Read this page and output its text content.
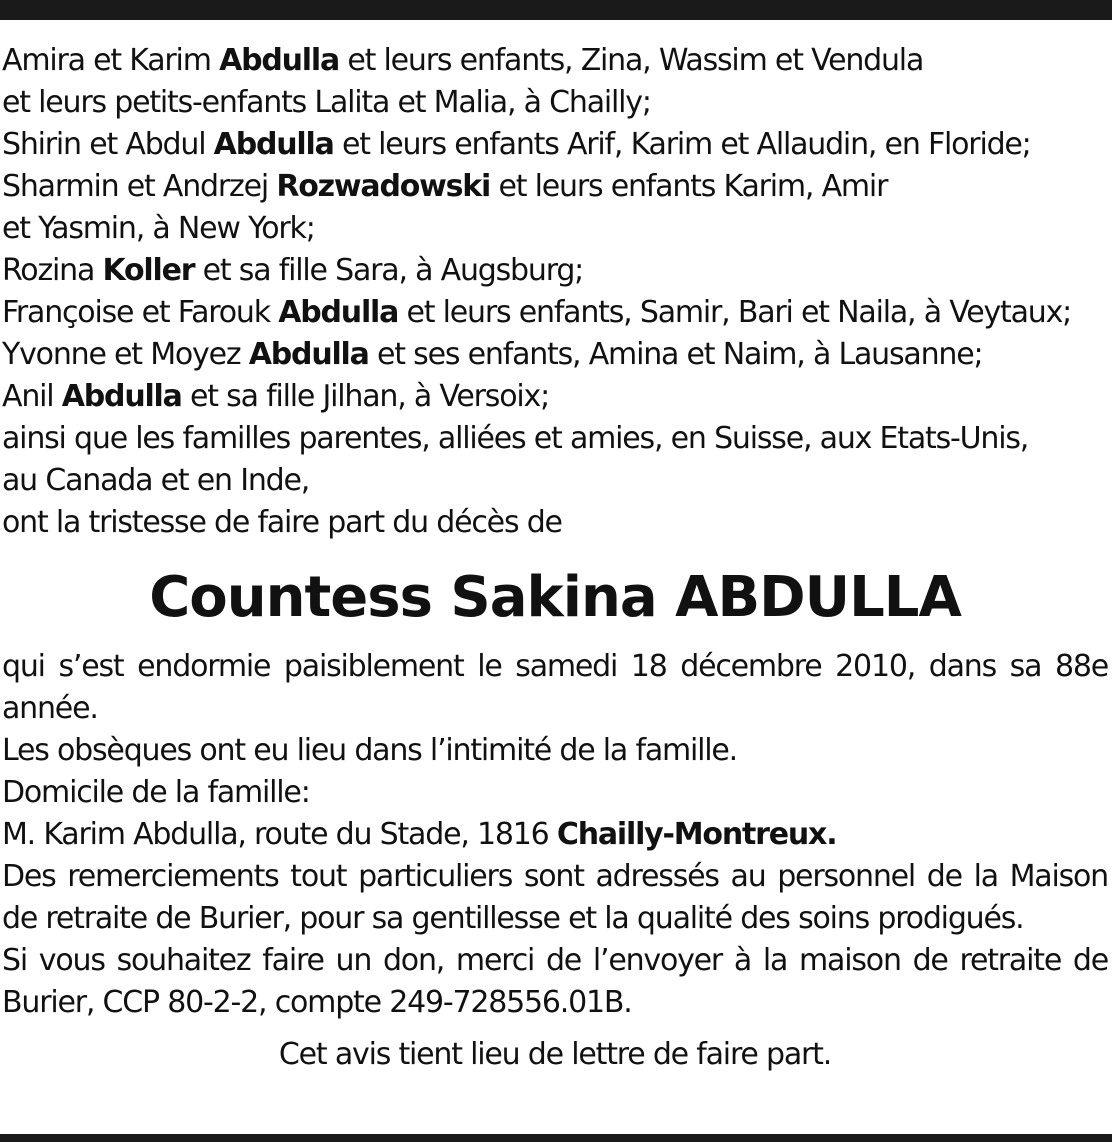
Amira et Karim Abdulla et leurs enfants, Zina, Wassim et Vendula
et leurs petits-enfants Lalita et Malia, à Chailly;
Shirin et Abdul Abdulla et leurs enfants Arif, Karim et Allaudin, en Floride;
Sharmin et Andrzej Rozwadowski et leurs enfants Karim, Amir
et Yasmin, à New York;
Rozina Koller et sa fille Sara, à Augsburg;
Françoise et Farouk Abdulla et leurs enfants, Samir, Bari et Naila, à Veytaux;
Yvonne et Moyez Abdulla et ses enfants, Amina et Naim, à Lausanne;
Anil Abdulla et sa fille Jilhan, à Versoix;
ainsi que les familles parentes, alliées et amies, en Suisse, aux Etats-Unis,
au Canada et en Inde,
ont la tristesse de faire part du décès de
Countess Sakina ABDULLA
qui s’est endormie paisiblement le samedi 18 décembre 2010, dans sa 88e année.
Les obsèques ont eu lieu dans l’intimité de la famille.
Domicile de la famille:
M. Karim Abdulla, route du Stade, 1816 Chailly-Montreux.
Des remerciements tout particuliers sont adressés au personnel de la Maison de retraite de Burier, pour sa gentillesse et la qualité des soins prodigués.
Si vous souhaitez faire un don, merci de l’envoyer à la maison de retraite de Burier, CCP 80-2-2, compte 249-728556.01B.
Cet avis tient lieu de lettre de faire part.
